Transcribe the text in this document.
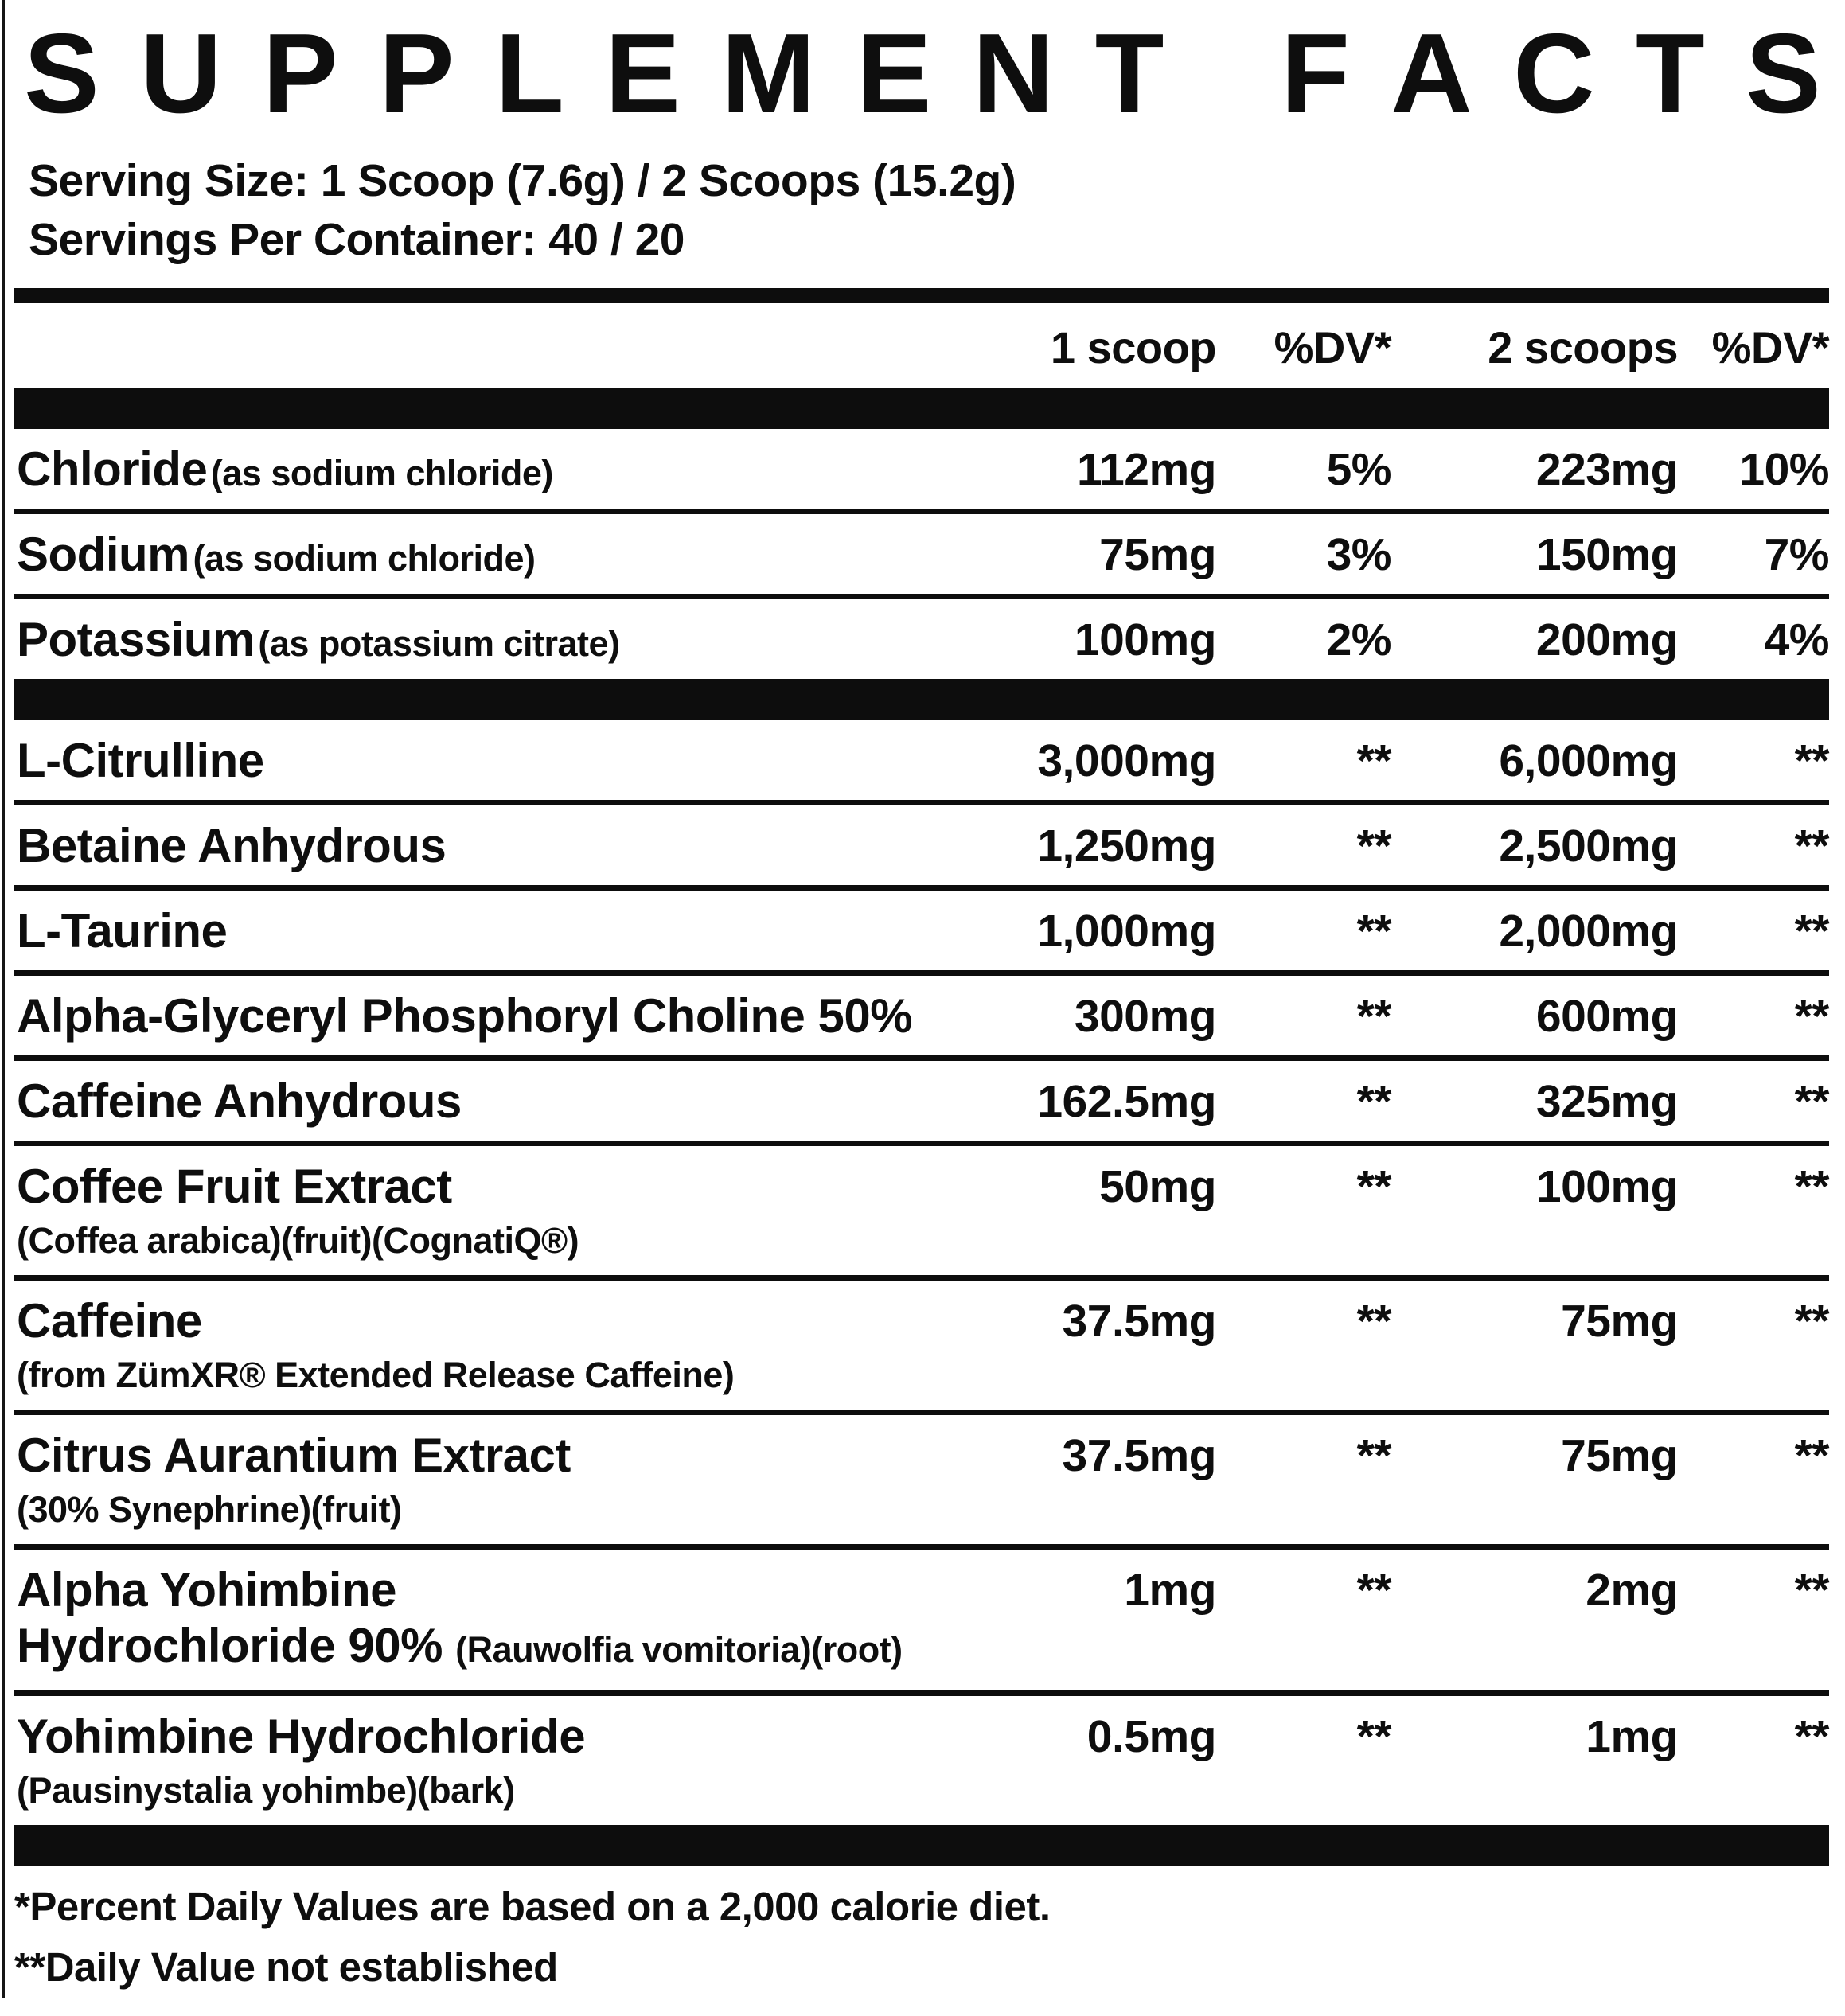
S U P P L E M E N T F A C T S
Serving Size: 1 Scoop (7.6g) / 2 Scoops (15.2g)
Servings Per Container: 40 / 20
1 scoop	%DV*	2 scoops %DV*
Chloride (as sodium chloride)	112mg	5%	223mg	10%
Sodium (as sodium chloride)	75mg	3%	150mg	7%
Potassium (as potassium citrate)	100mg	2%	200mg	4%
L-Citrulline	3,000mg	**	6,000mg	**
Betaine Anhydrous	1,250mg	**	2,500mg	**
L-Taurine	1,000mg	**	2,000mg	**
Alpha-Glyceryl Phosphoryl Choline 50%	300mg	**	600mg	**
Caffeine Anhydrous	162.5mg	**	325mg	**
Coffee Fruit Extract
(Coffea arabica)(fruit)(CognatiQ®)
50mg	**	100mg	**
Caffeine
(from ZümXR® Extended Release Caffeine)
37.5mg	**	75mg	**
Citrus Aurantium Extract
(30% Synephrine)(fruit)
37.5mg	**	75mg	**
Alpha Yohimbine
Hydrochloride 90% (Rauwolfia vomitoria)(root)
1mg	**	2mg	**
Yohimbine Hydrochloride
(Pausinystalia yohimbe)(bark)
0.5mg	**	1mg	**
*Percent Daily Values are based on a 2,000 calorie diet.
**Daily Value not established
